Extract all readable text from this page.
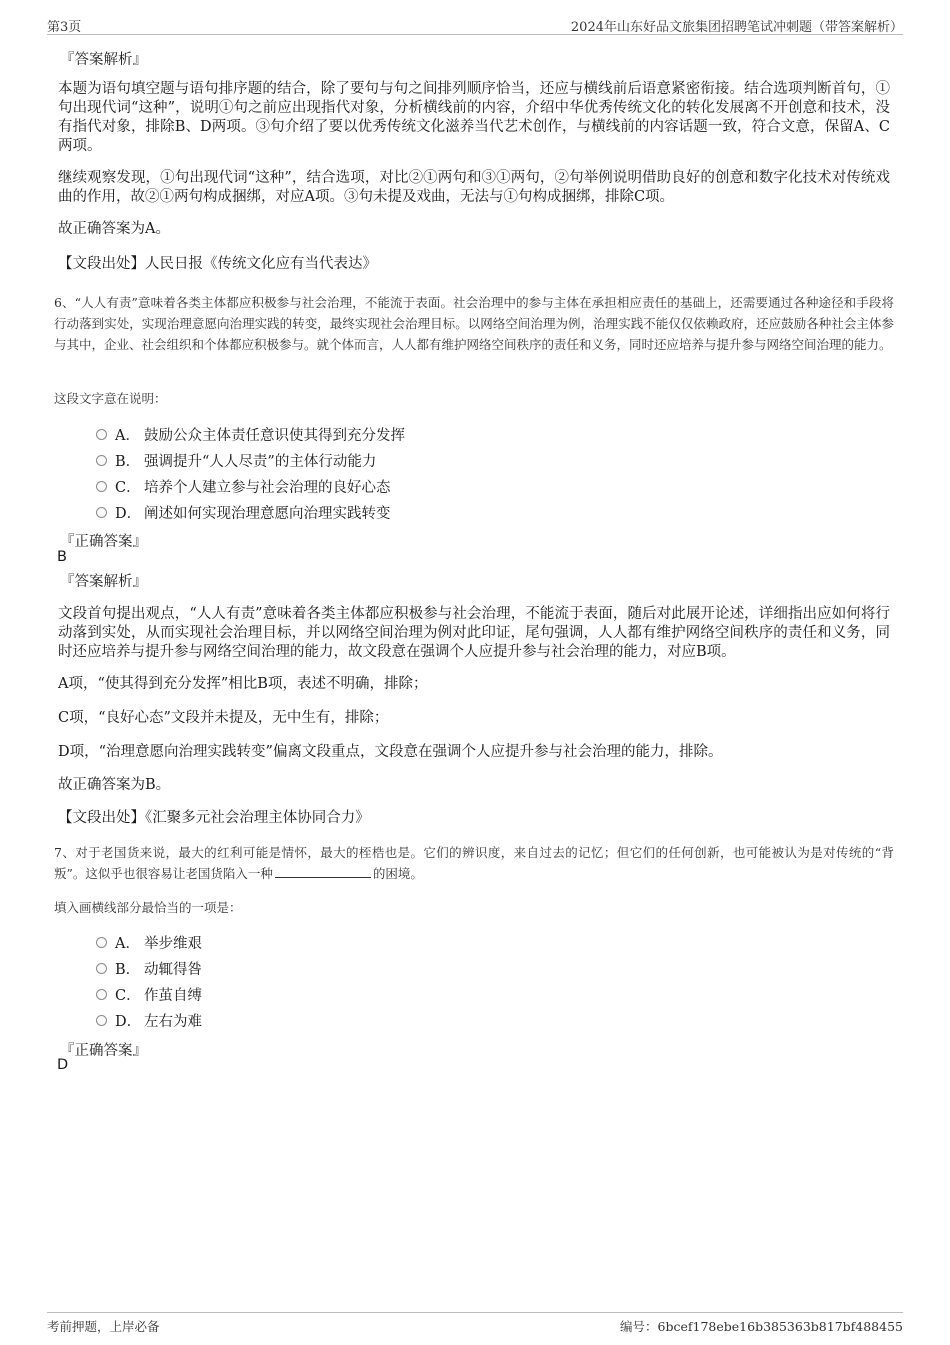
第3页	2024年山东好品文旅集团招聘笔试冲刺题（带答案解析）
『答案解析』
本题为语句填空题与语句排序题的结合，除了要句与句之间排列顺序恰当，还应与横线前后语意紧密衔接。结合选项判断首句，①句出现代词“这种”，说明①句之前应出现指代对象，分析横线前的内容，介绍中华优秀传统文化的转化发展离不开创意和技术，没有指代对象，排除B、D两项。③句介绍了要以优秀传统文化滋养当代艺术创作，与横线前的内容话题一致，符合文意，保留A、C两项。
继续观察发现，①句出现代词“这种”，结合选项，对比②①两句和③①两句，②句举例说明借助良好的创意和数字化技术对传统戏曲的作用，故②①两句构成捆绑，对应A项。③句未提及戏曲，无法与①句构成捆绑，排除C项。
故正确答案为A。
【文段出处】人民日报《传统文化应有当代表达》
6、“人人有责”意味着各类主体都应积极参与社会治理，不能流于表面。社会治理中的参与主体在承担相应责任的基础上，还需要通过各种途径和手段将行动落到实处，实现治理意愿向治理实践的转变，最终实现社会治理目标。以网络空间治理为例，治理实践不能仅仅依赖政府，还应鼓励各种社会主体参与其中，企业、社会组织和个体都应积极参与。就个体而言，人人都有维护网络空间秩序的责任和义务，同时还应培养与提升参与网络空间治理的能力。
这段文字意在说明：
A． 鼓励公众主体责任意识使其得到充分发挥
B． 强调提升“人人尽责”的主体行动能力
C． 培养个人建立参与社会治理的良好心态
D． 阐述如何实现治理意愿向治理实践转变
『正确答案』
B
『答案解析』
文段首句提出观点，“人人有责”意味着各类主体都应积极参与社会治理，不能流于表面，随后对此展开论述，详细指出应如何将行动落到实处，从而实现社会治理目标，并以网络空间治理为例对此印证，尾句强调，人人都有维护网络空间秩序的责任和义务，同时还应培养与提升参与网络空间治理的能力，故文段意在强调个人应提升参与社会治理的能力，对应B项。
A项，“使其得到充分发挥”相比B项，表述不明确，排除；
C项，“良好心态”文段并未提及，无中生有，排除；
D项，“治理意愿向治理实践转变”偏离文段重点，文段意在强调个人应提升参与社会治理的能力，排除。
故正确答案为B。
【文段出处】《汇聚多元社会治理主体协同合力》
7、对于老国货来说，最大的红利可能是情怀，最大的桎梏也是。它们的辨识度，来自过去的记忆；但它们的任何创新，也可能被认为是对传统的“背叛”。这似乎也很容易让老国货陷入一种	的困境。
填入画横线部分最恰当的一项是：
A． 举步维艰
B． 动辄得咎
C． 作茧自缚
D． 左右为难
『正确答案』
D
考前押题，上岸必备	编号：6bcef178ebe16b385363b817bf488455
